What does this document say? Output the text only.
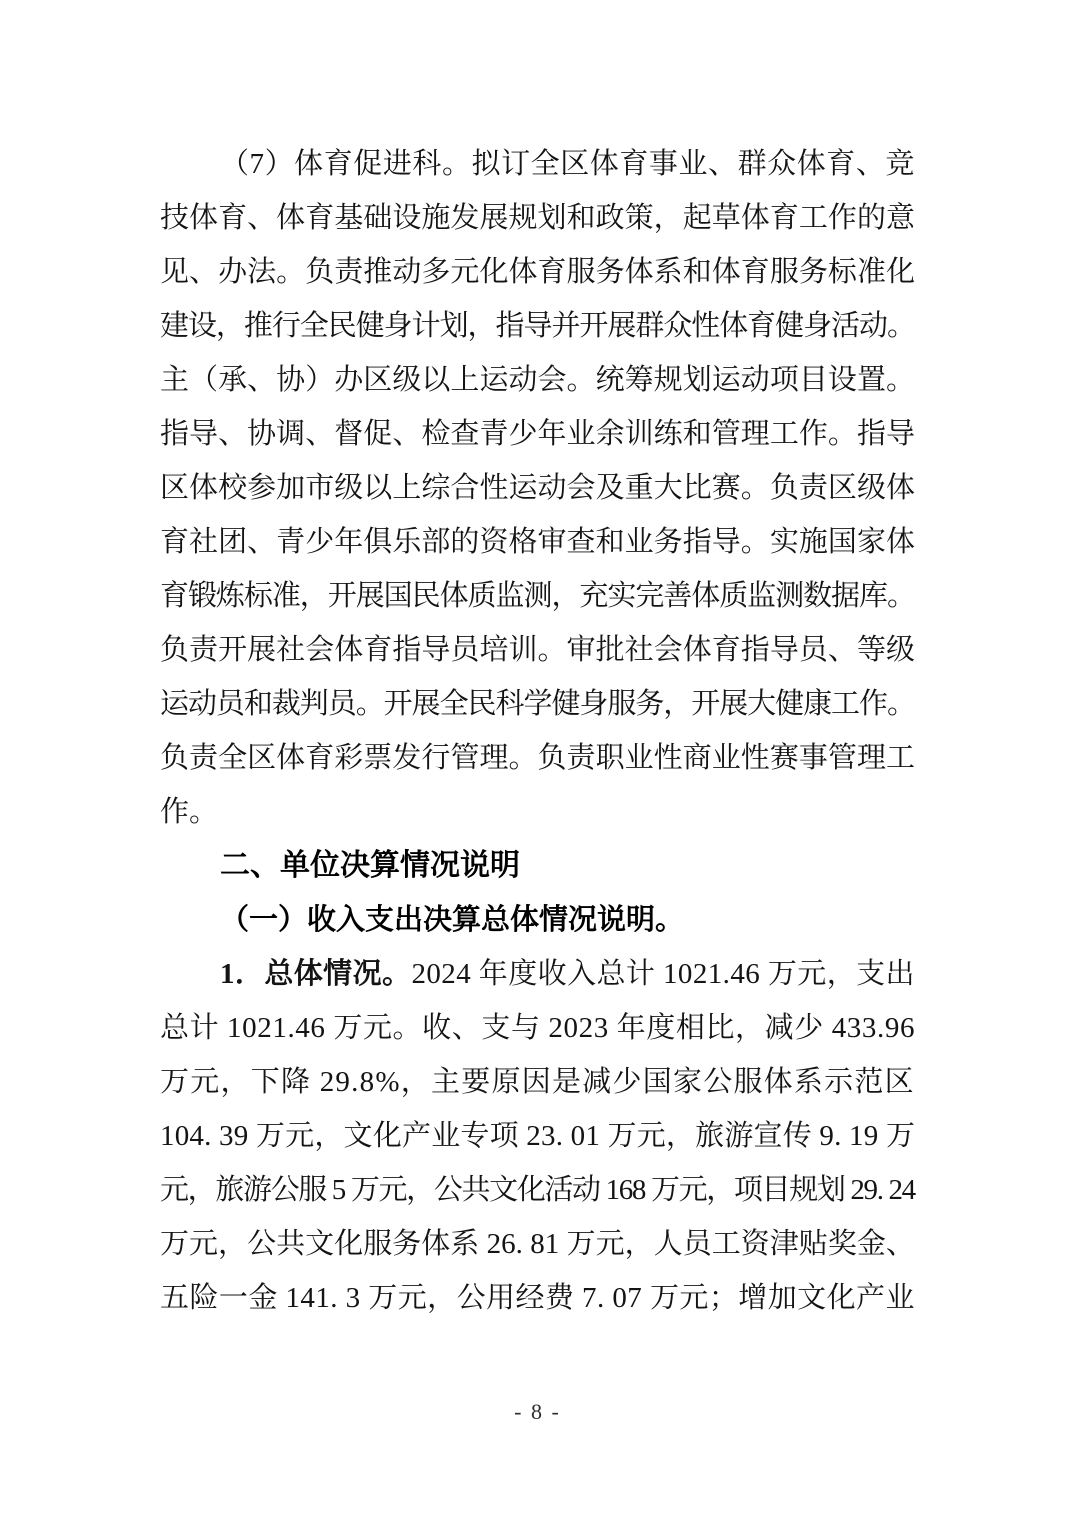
（7）体育促进科。拟订全区体育事业、群众体育、竞
技体育、体育基础设施发展规划和政策，起草体育工作的意
见、办法。负责推动多元化体育服务体系和体育服务标准化
建设，推行全民健身计划，指导并开展群众性体育健身活动。
主（承、协）办区级以上运动会。统筹规划运动项目设置。
指导、协调、督促、检查青少年业余训练和管理工作。指导
区体校参加市级以上综合性运动会及重大比赛。负责区级体
育社团、青少年俱乐部的资格审查和业务指导。实施国家体
育锻炼标准，开展国民体质监测，充实完善体质监测数据库。
负责开展社会体育指导员培训。审批社会体育指导员、等级
运动员和裁判员。开展全民科学健身服务，开展大健康工作。
负责全区体育彩票发行管理。负责职业性商业性赛事管理工
作。

二、单位决算情况说明
（一）收入支出决算总体情况说明。

1．总体情况。2024 年度收入总计 1021.46 万元，支出
总计 1021.46 万元。收、支与 2023 年度相比，减少 433.96
万元，下降 29.8%，主要原因是减少国家公服体系示范区
104. 39 万元，文化产业专项 23. 01 万元，旅游宣传 9. 19 万
元，旅游公服 5 万元，公共文化活动 168 万元，项目规划 29. 24
万元，公共文化服务体系 26. 81 万元，人员工资津贴奖金、
五险一金 141. 3 万元，公用经费 7. 07 万元；增加文化产业

- 8 -
